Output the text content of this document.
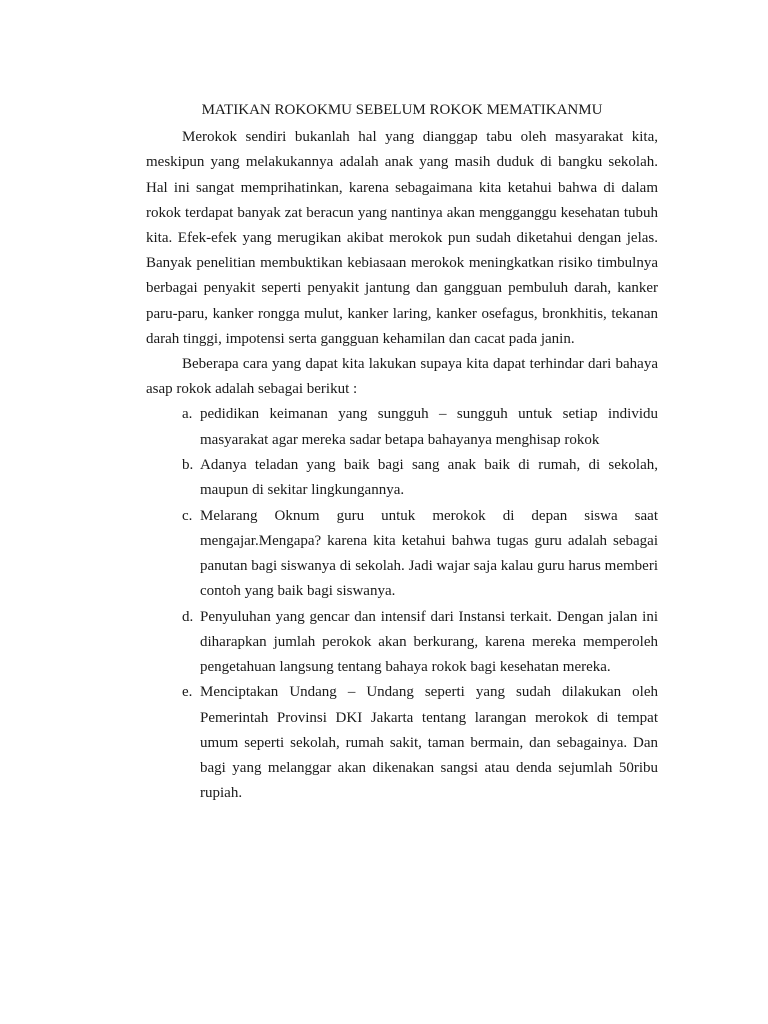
MATIKAN ROKOKMU SEBELUM ROKOK MEMATIKANMU

Merokok sendiri bukanlah hal yang dianggap tabu oleh masyarakat kita, meskipun yang melakukannya adalah anak yang masih duduk di bangku sekolah. Hal ini sangat memprihatinkan, karena sebagaimana kita ketahui bahwa di dalam rokok terdapat banyak zat beracun yang nantinya akan mengganggu kesehatan tubuh kita. Efek-efek yang merugikan akibat merokok pun sudah diketahui dengan jelas. Banyak penelitian membuktikan kebiasaan merokok meningkatkan risiko timbulnya berbagai penyakit seperti penyakit jantung dan gangguan pembuluh darah, kanker paru-paru, kanker rongga mulut, kanker laring, kanker osefagus, bronkhitis, tekanan darah tinggi, impotensi serta gangguan kehamilan dan cacat pada janin.

Beberapa cara yang dapat kita lakukan supaya kita dapat terhindar dari bahaya asap rokok adalah sebagai berikut :

a. pedidikan keimanan yang sungguh – sungguh untuk setiap individu masyarakat agar mereka sadar betapa bahayanya menghisap rokok
b. Adanya teladan yang baik bagi sang anak baik di rumah, di sekolah, maupun di sekitar lingkungannya.
c. Melarang Oknum guru untuk merokok di depan siswa saat mengajar.Mengapa? karena kita ketahui bahwa tugas guru adalah sebagai panutan bagi siswanya di sekolah. Jadi wajar saja kalau guru harus memberi contoh yang baik bagi siswanya.
d. Penyuluhan yang gencar dan intensif dari Instansi terkait. Dengan jalan ini diharapkan jumlah perokok akan berkurang, karena mereka memperoleh pengetahuan langsung tentang bahaya rokok bagi kesehatan mereka.
e. Menciptakan Undang – Undang seperti yang sudah dilakukan oleh Pemerintah Provinsi DKI Jakarta tentang larangan merokok di tempat umum seperti sekolah, rumah sakit, taman bermain, dan sebagainya. Dan bagi yang melanggar akan dikenakan sangsi atau denda sejumlah 50ribu rupiah.
